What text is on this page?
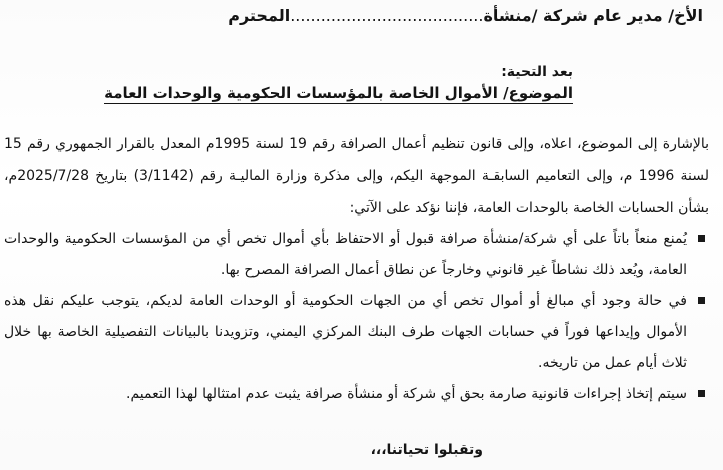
الأخ/ مدير عام شركة /منشأة......................................المحترم
بعد التحية:
الموضوع/ الأموال الخاصة بالمؤسسات الحكومية والوحدات العامة

بالإشارة إلى الموضوع، اعلاه، وإلى قانون تنظيم أعمال الصرافة رقم 19 لسنة 1995م المعدل بالقرار الجمهوري رقم 15 لسنة 1996 م، وإلى التعاميم السابقـة الموجهة اليكم، وإلى مذكرة وزارة الماليـة رقم (3/1142) بتاريخ 2025/7/28م، بشأن الحسابات الخاصة بالوحدات العامة، فإننا نؤكد على الآتي:

يُمنع منعاً باتاً على أي شركة/منشأة صرافة قبول أو الاحتفاظ بأي أموال تخص أي من المؤسسات الحكومية والوحدات العامة، ويُعد ذلك نشاطاً غير قانوني وخارجاً عن نطاق أعمال الصرافة المصرح بها.
في حالة وجود أي مبالغ أو أموال تخص أي من الجهات الحكومية أو الوحدات العامة لديكم، يتوجب عليكم نقل هذه الأموال وإيداعها فوراً في حسابات الجهات طرف البنك المركزي اليمني، وتزويدنا بالبيانات التفصيلية الخاصة بها خلال ثلاث أيام عمل من تاريخه.
سيتم إتخاذ إجراءات قانونية صارمة بحق أي شركة أو منشأة صرافة يثبت عدم امتثالها لهذا التعميم.
وتقبلوا تحياتنا،،،
